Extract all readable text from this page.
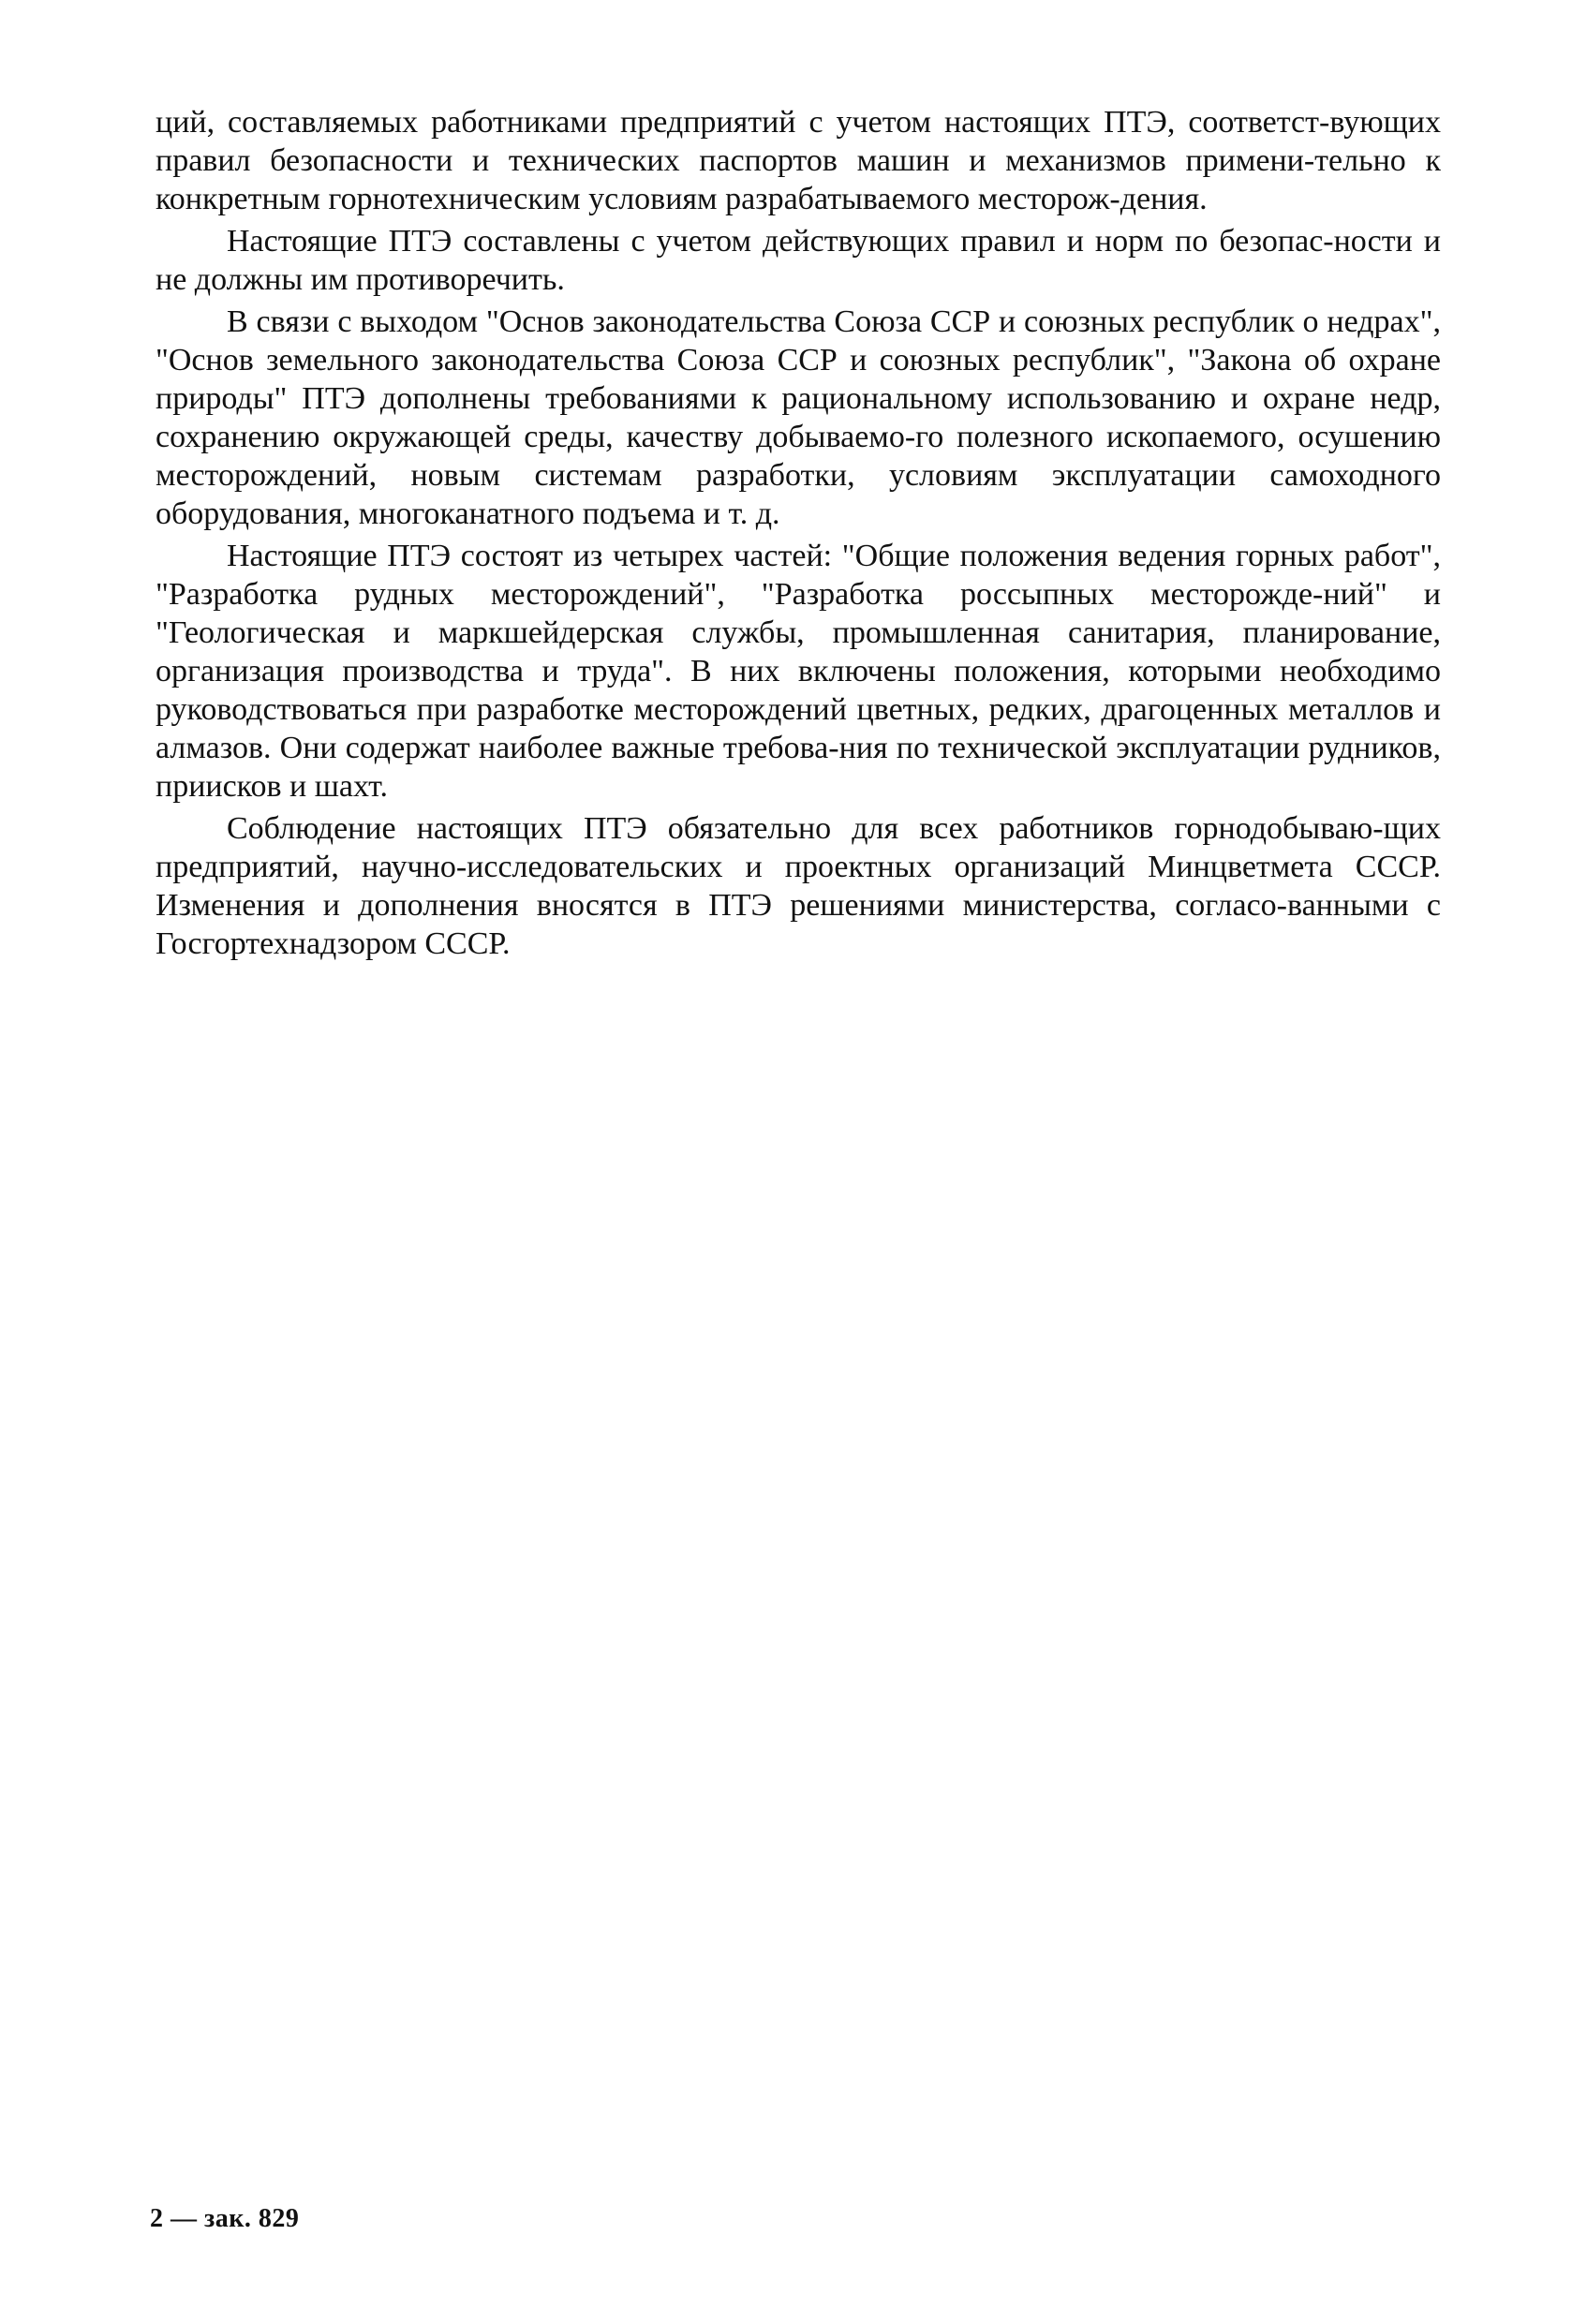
ций, составляемых работниками предприятий с учетом настоящих ПТЭ, соответст-вующих правил безопасности и технических паспортов машин и механизмов примени-тельно к конкретным горнотехническим условиям разрабатываемого месторож-дения.

Настоящие ПТЭ составлены с учетом действующих правил и норм по безопас-ности и не должны им противоречить.

В связи с выходом "Основ законодательства Союза ССР и союзных республик о недрах", "Основ земельного законодательства Союза ССР и союзных республик", "Закона об охране природы" ПТЭ дополнены требованиями к рациональному использованию и охране недр, сохранению окружающей среды, качеству добываемо-го полезного ископаемого, осушению месторождений, новым системам разработки, условиям эксплуатации самоходного оборудования, многоканатного подъема и т. д.

Настоящие ПТЭ состоят из четырех частей: "Общие положения ведения горных работ", "Разработка рудных месторождений", "Разработка россыпных месторожде-ний" и "Геологическая и маркшейдерская службы, промышленная санитария, планирование, организация производства и труда". В них включены положения, которыми необходимо руководствоваться при разработке месторождений цветных, редких, драгоценных металлов и алмазов. Они содержат наиболее важные требова-ния по технической эксплуатации рудников, приисков и шахт.

Соблюдение настоящих ПТЭ обязательно для всех работников горнодобываю-щих предприятий, научно-исследовательских и проектных организаций Минцветмета СССР. Изменения и дополнения вносятся в ПТЭ решениями министерства, согласо-ванными с Госгортехнадзором СССР.

2 — зак. 829
